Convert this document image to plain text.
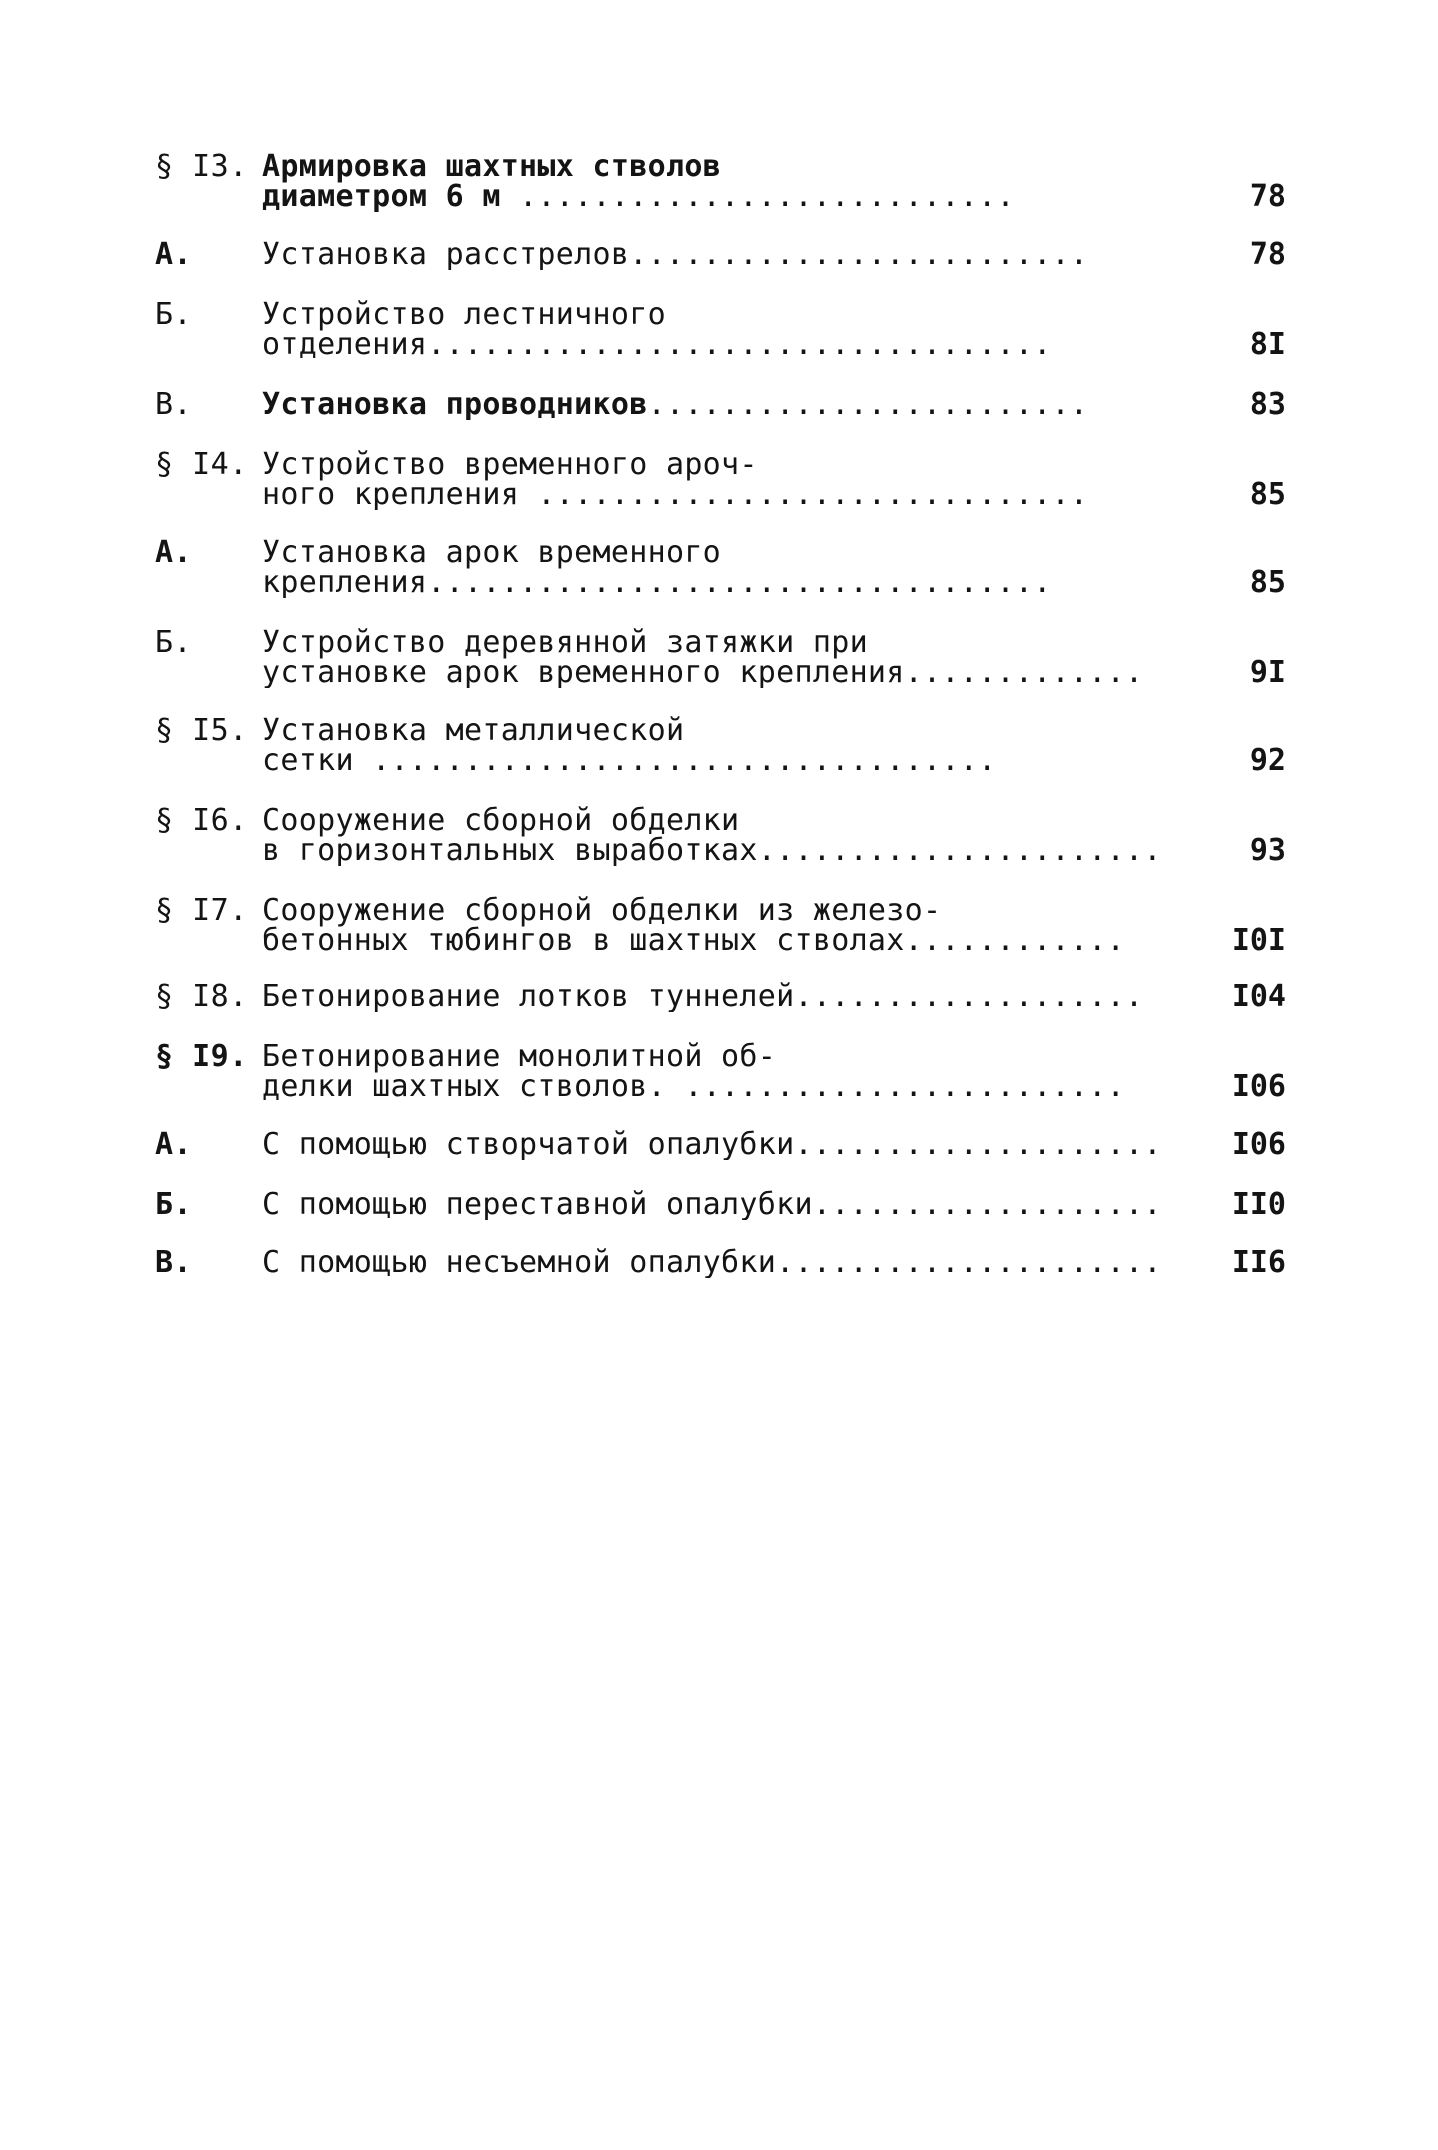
§ I3. Армировка шахтных стволов
диаметром 6 м ...........................	78
А. Установка расстрелов.........................	78
Б. Устройство лестничного
отделения..................................	8I
В. Установка проводников........................	83
§ I4. Устройство временного aроч-
ного крепления ..............................	85
А. Установка арок временного
крепления..................................	85
Б. Устройство деревянной затяжки при
установке арок временного крепления.............	9I
§ I5. Установка металлической
сетки ..................................	92
§ I6. Сооружение сборной обделки
в горизонтальных выработках......................	93
§ I7. Сооружение сборной обделки из железо-
бетонных тюбингов в шахтных стволах............	I0I
§ I8. Бетонирование лотков туннелей...................	I04
§ I9. Бетонирование монолитной об-
делки шахтных стволов. ........................	I06
А. С помощью створчатой опалубки.................... I06
Б. С помощью переставной опалубки................... II0
В. С помощью несъемной опалубки..................... II6
